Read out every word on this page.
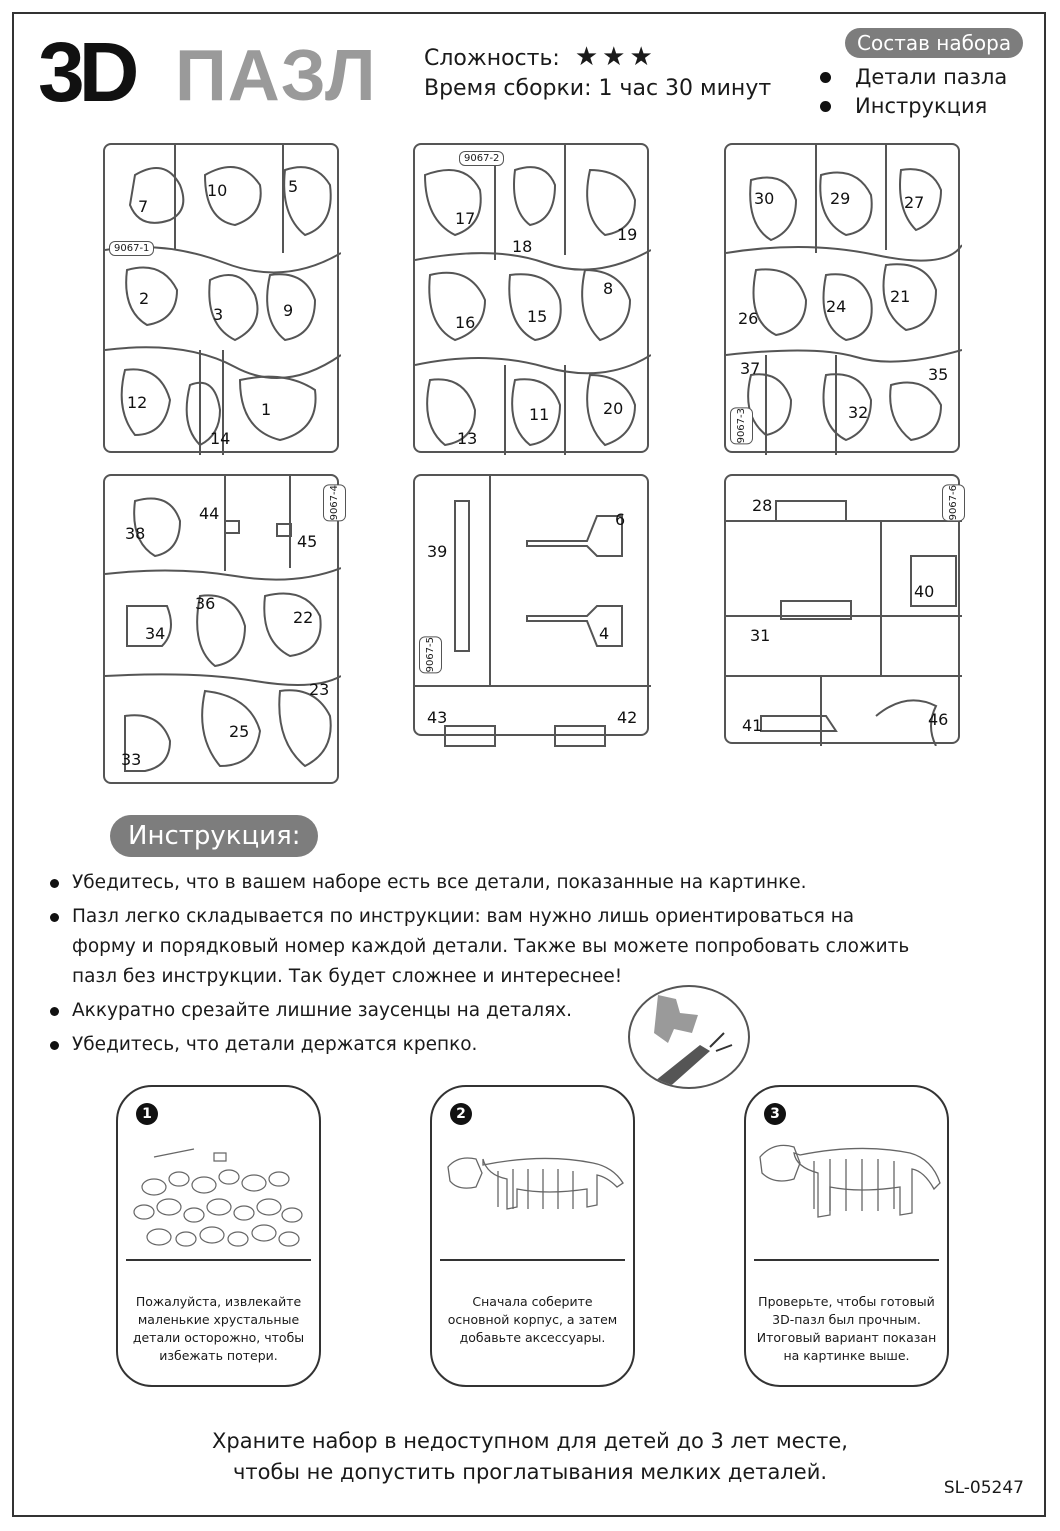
3D ПАЗЛ Сложность: ★★★
Время сборки: 1 час 30 минут
Состав набора
Детали пазла
Инструкция
9067-1
7
10	5
2
3	9
12
14
1
9067-2
17
18
19
16	15
8
13
11	20	9067-3
30	29	27
26
24
21
37
32
35
9067-4
38
44
45
36
34
22
23
25
33
9067-5
39
6
4
43	42
9067-6
28
40
31
41	46
Инструкция:
Убедитесь, что в вашем наборе есть все детали, показанные на картинке.
Пазл легко складывается по инструкции: вам нужно лишь ориентироваться на форму и порядковый номер каждой детали. Также вы можете попробовать сложить пазл без инструкции. Так будет сложнее и интереснее!
Аккуратно срезайте лишние заусенцы на деталях.
Убедитесь, что детали держатся крепко.
1
Пожалуйста, извлекайте маленькие хрустальные детали осторожно, чтобы избежать потери.
2
Сначала соберите основной корпус, а затем добавьте аксессуары.
3
Проверьте, чтобы готовый 3D-пазл был прочным. Итоговый вариант показан на картинке выше.
Храните набор в недоступном для детей до 3 лет месте,
чтобы не допустить проглатывания мелких деталей.
SL-05247
